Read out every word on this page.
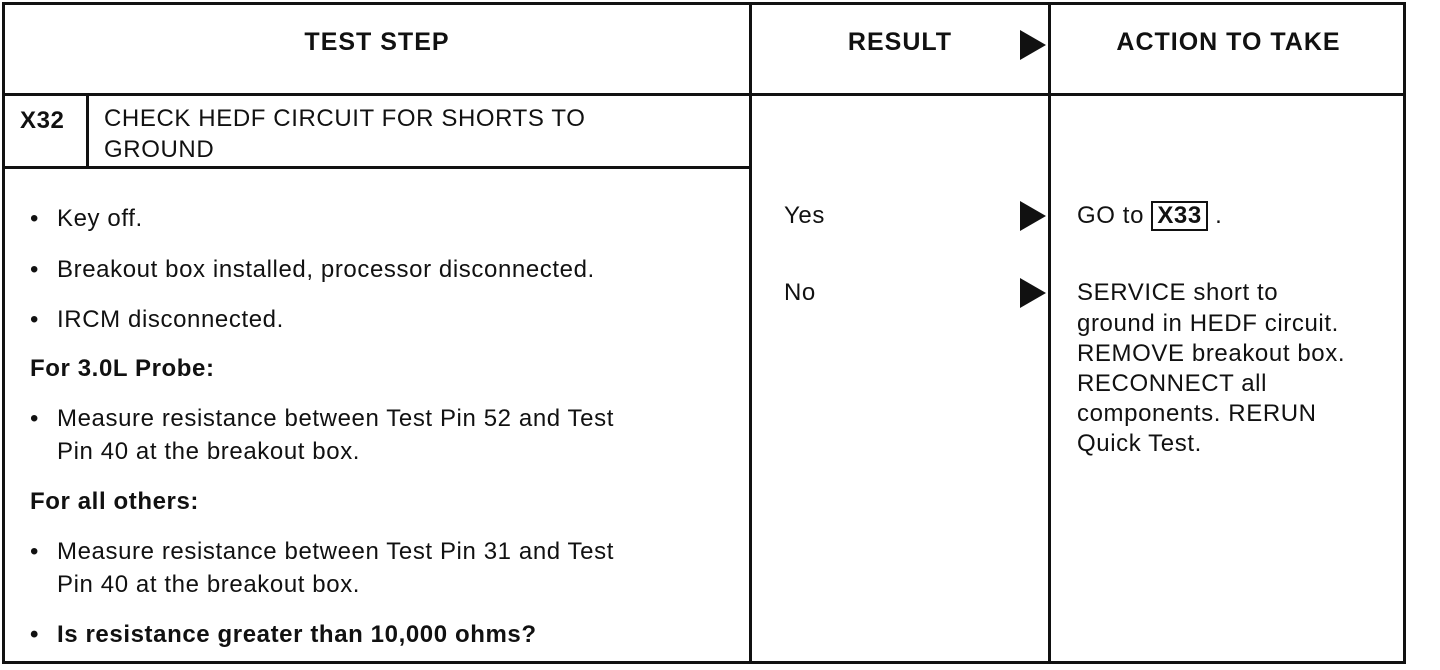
TEST STEP	RESULT	ACTION TO TAKE
X32 CHECK HEDF CIRCUIT FOR SHORTS TO
GROUND
• Key off.
• Breakout box installed, processor disconnected.
• IRCM disconnected.
For 3.0L Probe:
• Measure resistance between Test Pin 52 and Test
Pin 40 at the breakout box.
For all others:
• Measure resistance between Test Pin 31 and Test
Pin 40 at the breakout box.
• Is resistance greater than 10,000 ohms?
Yes
No
GO to X33 .
SERVICE short to
ground in HEDF circuit.
REMOVE breakout box.
RECONNECT all
components. RERUN
Quick Test.
